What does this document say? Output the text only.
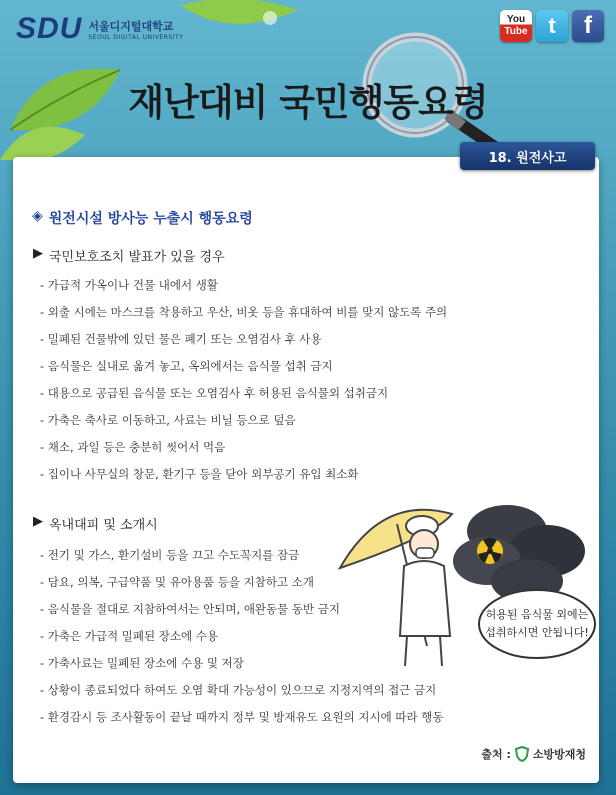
SDU 서울디지털대학교
SEOUL DIGITAL UNIVERSITY
You
Tube t f
재난대비 국민행동요령
18. 원전사고
◈ 원전시설 방사능 누출시 행동요령
▶ 국민보호조치 발표가 있을 경우
- 가급적 가옥이나 건물 내에서 생활
- 외출 시에는 마스크를 착용하고 우산, 비옷 등을 휴대하여 비를 맞지 않도록 주의
- 밀폐된 건물밖에 있던 물은 폐기 또는 오염검사 후 사용
- 음식물은 실내로 옮겨 놓고, 옥외에서는 음식물 섭취 금지
- 대용으로 공급된 음식물 또는 오염검사 후 허용된 음식물외 섭취금지
- 가축은 축사로 이동하고, 사료는 비닐 등으로 덮음
- 채소, 과일 등은 충분히 씻어서 먹음
- 집이나 사무실의 창문, 환기구 등을 닫아 외부공기 유입 최소화
▶ 옥내대피 및 소개시
- 전기 및 가스, 환기설비 등을 끄고 수도꼭지를 잠금
- 담요, 의복, 구급약품 및 유아용품 등을 지참하고 소개
- 음식물을 절대로 지참하여서는 안되며, 애완동물 동반 금지
- 가축은 가급적 밀폐된 장소에 수용
- 가축사료는 밀폐된 장소에 수용 및 저장
- 상황이 종료되었다 하여도 오염 확대 가능성이 있으므로 지정지역의 접근 금지
- 환경감시 등 조사활동이 끝날 때까지 정부 및 방재유도 요원의 지시에 따라 행동
허용된 음식물 외에는
섭취하시면 안됩니다!
출처 : 소방방재청
